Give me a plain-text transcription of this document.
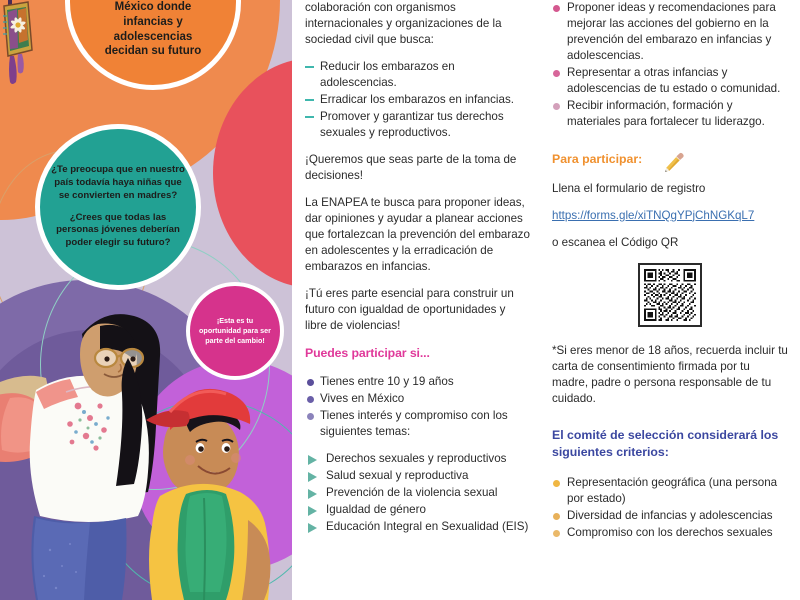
México donde
infancias y
adolescencias
decidan su futuro

¿Te preocupa que en nuestro país todavía haya niñas que se convierten en madres?

¿Crees que todas las personas jóvenes deberían poder elegir su futuro?

¡Esta es tu oportunidad para ser parte del cambio!

colaboración con organismos internacionales y organizaciones de la sociedad civil que busca:

Reducir los embarazos en adolescencias.
Erradicar los embarazos en infancias.
Promover y garantizar tus derechos sexuales y reproductivos.

¡Queremos que seas parte de la toma de decisiones!

La ENAPEA te busca para proponer ideas, dar opiniones y ayudar a planear acciones que fortalezcan la prevención del embarazo en adolescentes y la erradicación de embarazos en infancias.

¡Tú eres parte esencial para construir un futuro con igualdad de oportunidades y libre de violencias!

Puedes participar si...
Tienes entre 10 y 19 años
Vives en México
Tienes interés y compromiso con los siguientes temas:
Derechos sexuales y reproductivos
Salud sexual y reproductiva
Prevención de la violencia sexual
Igualdad de género
Educación Integral en Sexualidad (EIS)
Proponer ideas y recomendaciones para mejorar las acciones del gobierno en la prevención del embarazo en infancias y adolescencias.
Representar a otras infancias y adolescencias de tu estado o comunidad.
Recibir información, formación y materiales para fortalecer tu liderazgo.
Para participar:

Llena el formulario de registro

https://forms.gle/xiTNQgYPjChNGKqL7

o escanea el Código QR

*Si eres menor de 18 años, recuerda incluir tu carta de consentimiento firmada por tu madre, padre o persona responsable de tu cuidado.

El comité de selección considerará los siguientes criterios:
Representación geográfica (una persona por estado)
Diversidad de infancias y adolescencias
Compromiso con los derechos sexuales
